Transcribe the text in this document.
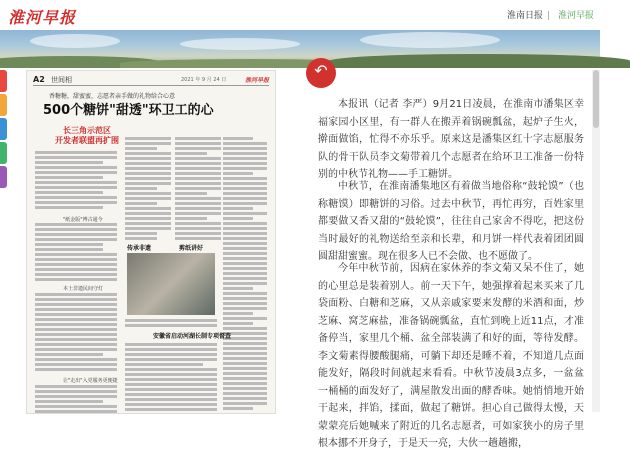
淮河早报	淮南日报 | 淮河早报
A2 世间相	2021 年 9 月 24 日	淮河早报
香糖糖，甜蜜蜜，志愿者亲手做的礼物给合心意
500个糖饼"甜透"环卫工的心
长三角示范区
开发者联盟再扩围
"纸金版"博古通今
本土非遗民间守灯
让"走出"入党服务更便捷
传承非遗	剪纸讲好
安徽省启动河湖长制专项督查
↶

本报讯（记者 李严）9月21日凌晨，在淮南市潘集区幸福家园小区里，有一群人在搬弄着锅碗瓢盆，起炉子生火，擀面做馅，忙得不亦乐乎。原来这是潘集区红十字志愿服务队的骨干队员李文菊带着几个志愿者在给环卫工准备一份特别的中秋节礼物——手工糖饼。

中秋节，在淮南潘集地区有着做当地俗称“鼓轮馍”（也称糖馍）即糖饼的习俗。过去中秋节，再忙再穷，百姓家里都要做又香又甜的“鼓轮馍”，往往自己家舍不得吃，把这份当时最好的礼物送给至亲和长辈，和月饼一样代表着团团圆圆甜甜蜜蜜。现在很多人已不会做、也不愿做了。

今年中秋节前，因病在家休养的李文菊又呆不住了，她的心里总是装着别人。前一天下午，她强撑着起来买来了几袋面粉、白糖和芝麻，又从亲戚家要来发酵的米酒和面，炒芝麻、窝芝麻盐，准备锅碗瓢盆，直忙到晚上近11点，才准备停当，家里几个桶、盆全部装满了和好的面，等待发酵。李文菊素得腰酸腿痛，可躺下却还是睡不着，不知道几点面能发好，隔段时间就起来看看。中秋节凌晨3点多，一盆盆一桶桶的面发好了，满屋散发出面的酵香味。她悄悄地开始干起来，拌馅，揉面，做起了糖饼。担心自己做得太慢，天蒙蒙亮后她喊来了附近的几名志愿者，可如家狭小的房子里根本挪不开身子，于是天一亮，大伙一趟趟搬，
